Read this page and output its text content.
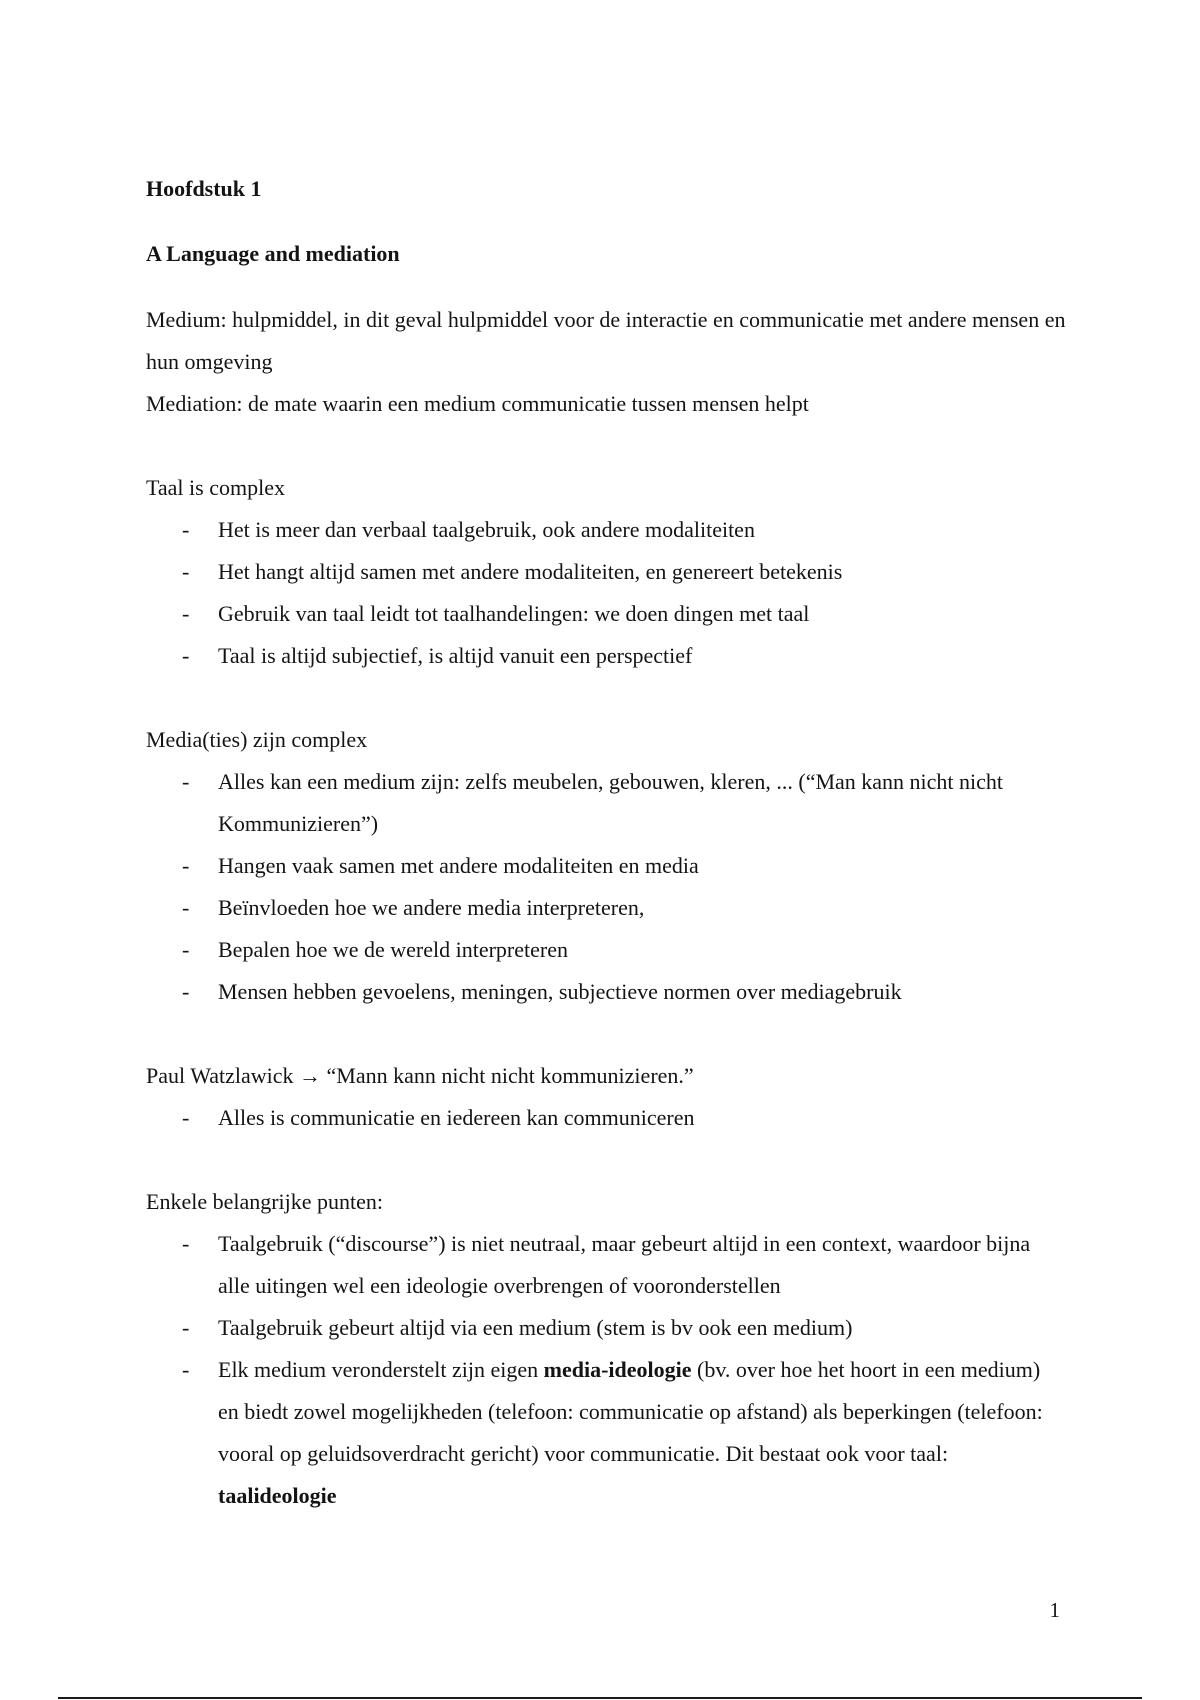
Hoofdstuk 1

A Language and mediation

Medium: hulpmiddel, in dit geval hulpmiddel voor de interactie en communicatie met andere mensen en hun omgeving

Mediation: de mate waarin een medium communicatie tussen mensen helpt

Taal is complex

- Het is meer dan verbaal taalgebruik, ook andere modaliteiten
- Het hangt altijd samen met andere modaliteiten, en genereert betekenis
- Gebruik van taal leidt tot taalhandelingen: we doen dingen met taal
- Taal is altijd subjectief, is altijd vanuit een perspectief

Media(ties) zijn complex

- Alles kan een medium zijn: zelfs meubelen, gebouwen, kleren, ... (“Man kann nicht nicht Kommunizieren”)
- Hangen vaak samen met andere modaliteiten en media
- Beïnvloeden hoe we andere media interpreteren,
- Bepalen hoe we de wereld interpreteren
- Mensen hebben gevoelens, meningen, subjectieve normen over mediagebruik

Paul Watzlawick → “Mann kann nicht nicht kommunizieren.”

- Alles is communicatie en iedereen kan communiceren

Enkele belangrijke punten:

- Taalgebruik (“discourse”) is niet neutraal, maar gebeurt altijd in een context, waardoor bijna alle uitingen wel een ideologie overbrengen of vooronderstellen
- Taalgebruik gebeurt altijd via een medium (stem is bv ook een medium)
- Elk medium veronderstelt zijn eigen media-ideologie (bv. over hoe het hoort in een medium) en biedt zowel mogelijkheden (telefoon: communicatie op afstand) als beperkingen (telefoon: vooral op geluidsoverdracht gericht) voor communicatie. Dit bestaat ook voor taal: taalideologie
1
